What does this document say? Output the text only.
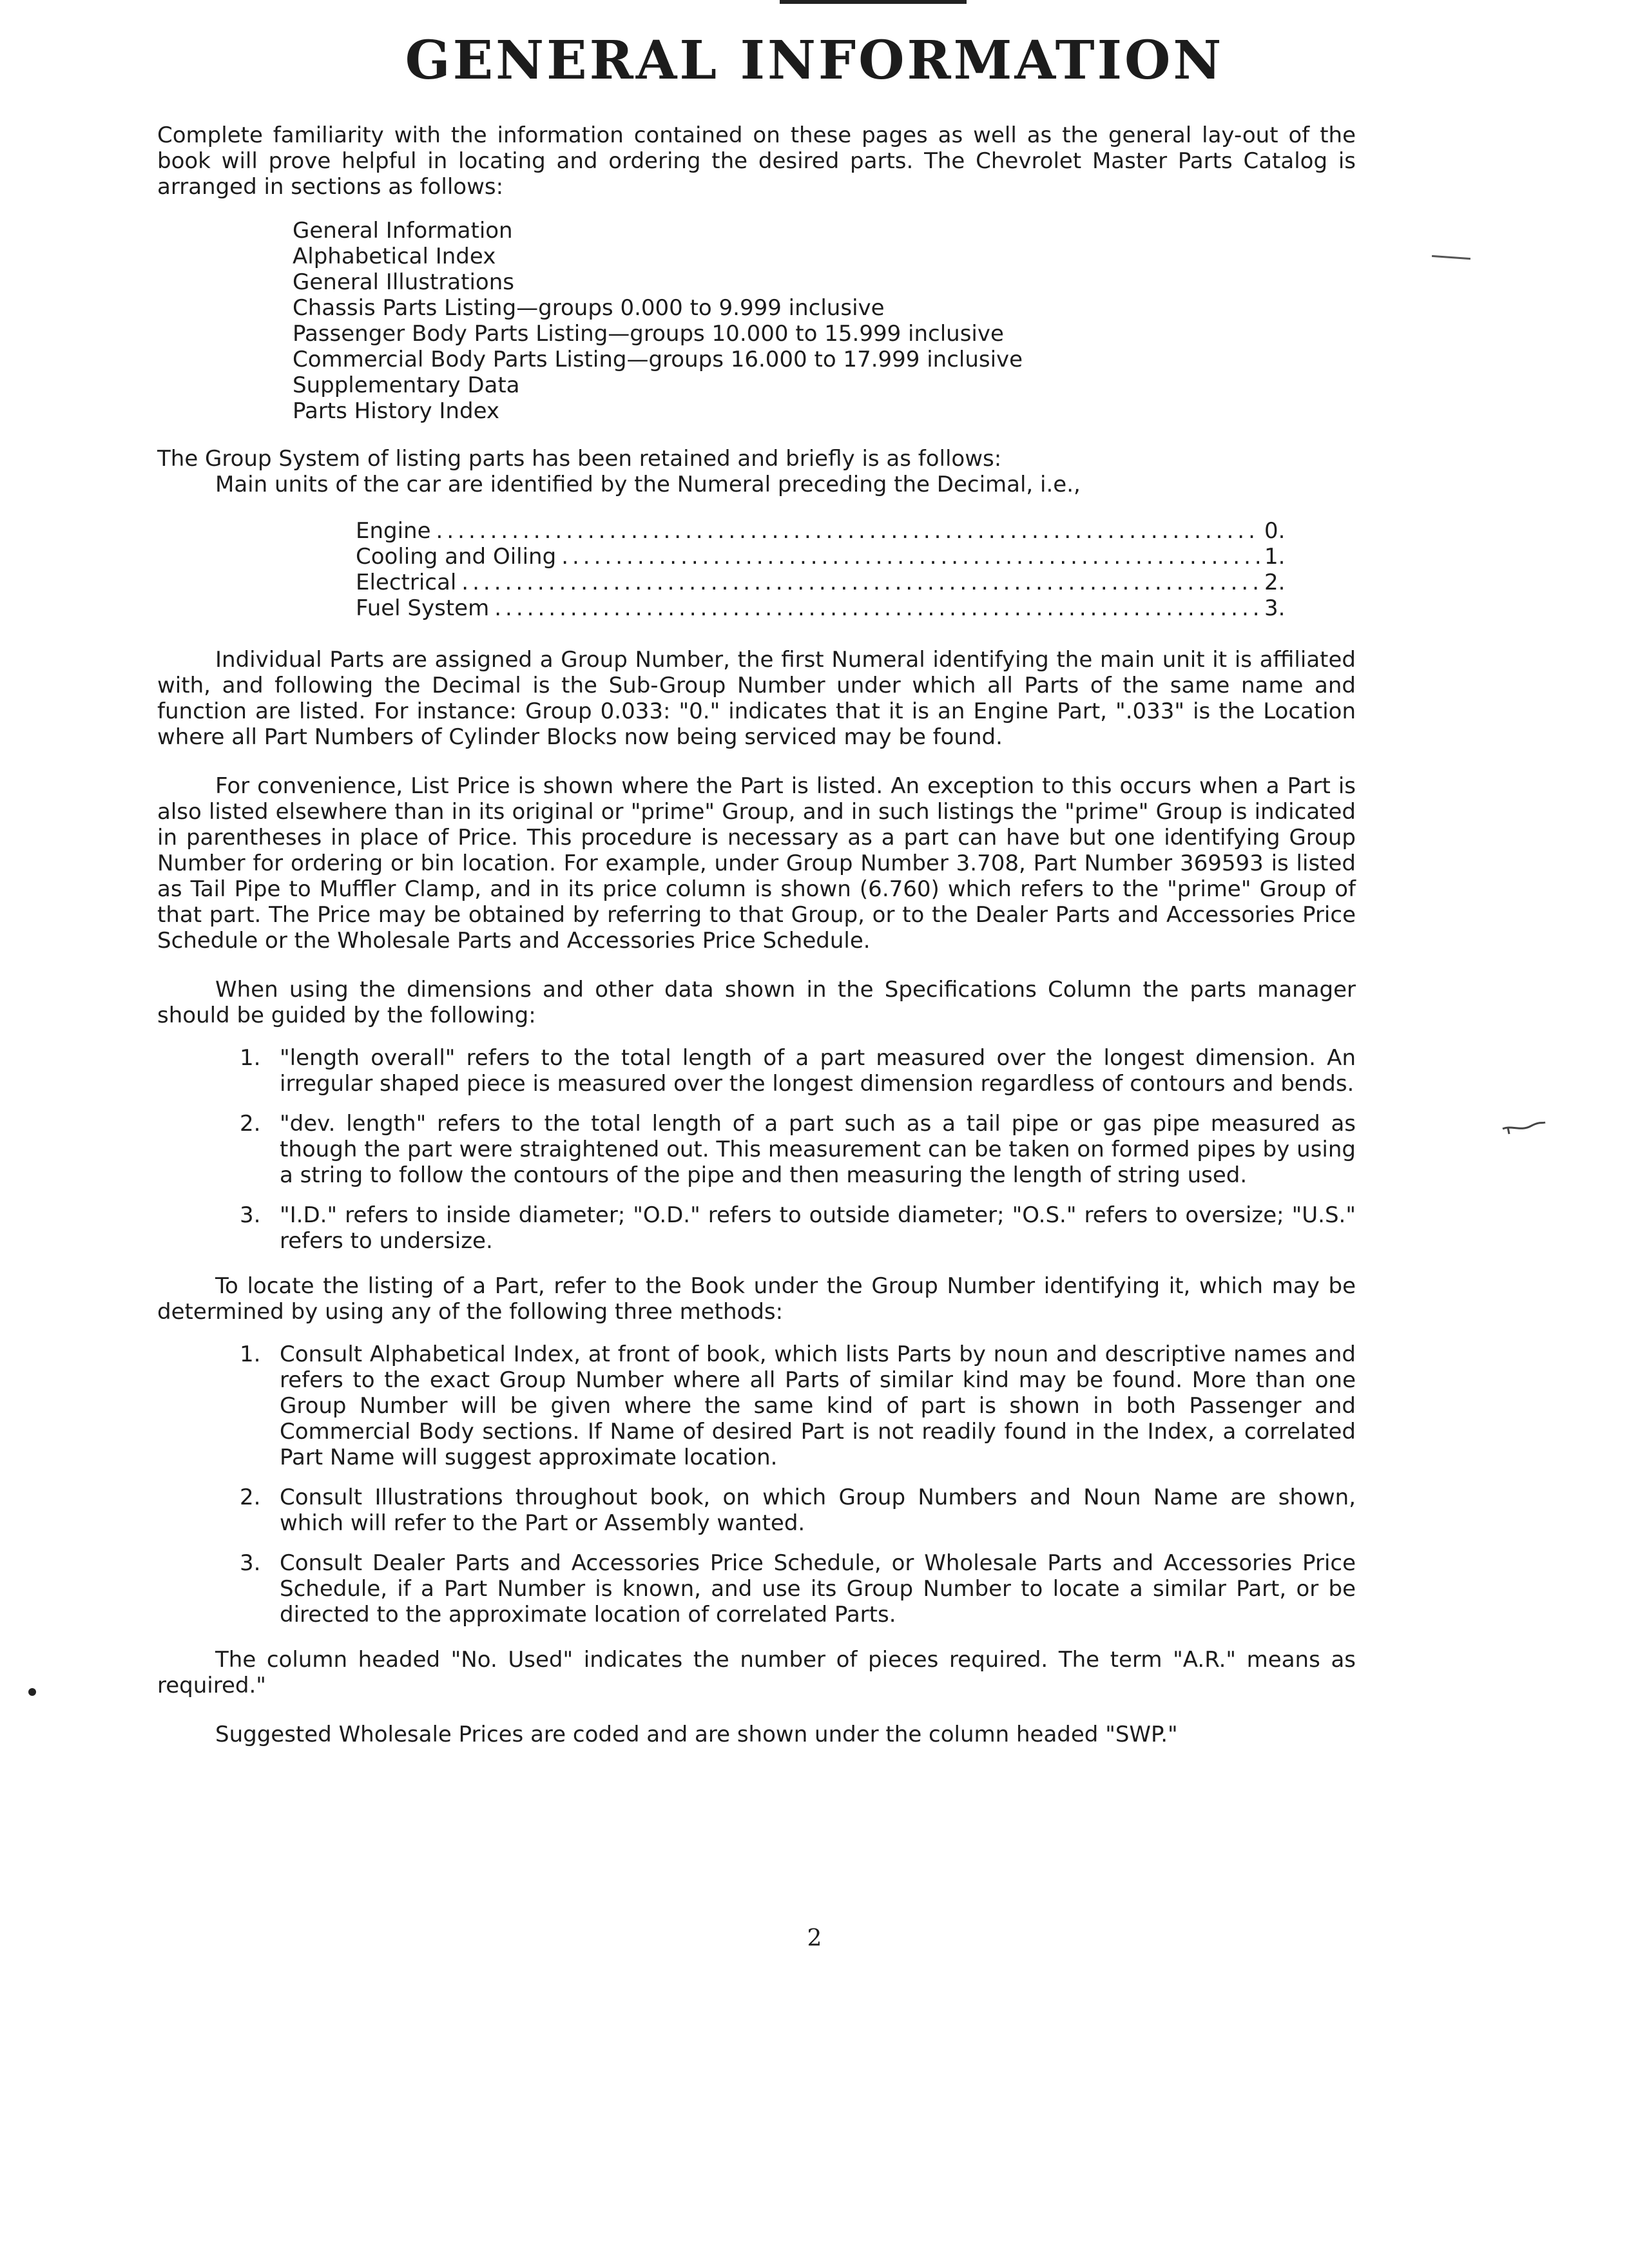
GENERAL INFORMATION

Complete familiarity with the information contained on these pages as well as the general lay-out of the book will prove helpful in locating and ordering the desired parts. The Chevrolet Master Parts Catalog is arranged in sections as follows:

General Information
Alphabetical Index
General Illustrations
Chassis Parts Listing—groups 0.000 to 9.999 inclusive
Passenger Body Parts Listing—groups 10.000 to 15.999 inclusive
Commercial Body Parts Listing—groups 16.000 to 17.999 inclusive
Supplementary Data
Parts History Index

The Group System of listing parts has been retained and briefly is as follows:

Main units of the car are identified by the Numeral preceding the Decimal, i.e.,

Engine .....	0.
Cooling and Oiling .....	1.
Electrical .....	2.
Fuel System .....	3.

Individual Parts are assigned a Group Number, the first Numeral identifying the main unit it is affiliated with, and following the Decimal is the Sub-Group Number under which all Parts of the same name and function are listed. For instance: Group 0.033: "0." indicates that it is an Engine Part, ".033" is the Location where all Part Numbers of Cylinder Blocks now being serviced may be found.

For convenience, List Price is shown where the Part is listed. An exception to this occurs when a Part is also listed elsewhere than in its original or "prime" Group, and in such listings the "prime" Group is indicated in parentheses in place of Price. This procedure is necessary as a part can have but one identifying Group Number for ordering or bin location. For example, under Group Number 3.708, Part Number 369593 is listed as Tail Pipe to Muffler Clamp, and in its price column is shown (6.760) which refers to the "prime" Group of that part. The Price may be obtained by referring to that Group, or to the Dealer Parts and Accessories Price Schedule or the Wholesale Parts and Accessories Price Schedule.

When using the dimensions and other data shown in the Specifications Column the parts manager should be guided by the following:

1. "length overall" refers to the total length of a part measured over the longest dimension. An irregular shaped piece is measured over the longest dimension regardless of contours and bends.
2. "dev. length" refers to the total length of a part such as a tail pipe or gas pipe measured as though the part were straightened out. This measurement can be taken on formed pipes by using a string to follow the contours of the pipe and then measuring the length of string used.
3. "I.D." refers to inside diameter; "O.D." refers to outside diameter; "O.S." refers to oversize; "U.S." refers to undersize.

To locate the listing of a Part, refer to the Book under the Group Number identifying it, which may be determined by using any of the following three methods:

1. Consult Alphabetical Index, at front of book, which lists Parts by noun and descriptive names and refers to the exact Group Number where all Parts of similar kind may be found. More than one Group Number will be given where the same kind of part is shown in both Passenger and Commercial Body sections. If Name of desired Part is not readily found in the Index, a correlated Part Name will suggest approximate location.
2. Consult Illustrations throughout book, on which Group Numbers and Noun Name are shown, which will refer to the Part or Assembly wanted.
3. Consult Dealer Parts and Accessories Price Schedule, or Wholesale Parts and Accessories Price Schedule, if a Part Number is known, and use its Group Number to locate a similar Part, or be directed to the approximate location of correlated Parts.

The column headed "No. Used" indicates the number of pieces required. The term "A.R." means as required."

Suggested Wholesale Prices are coded and are shown under the column headed "SWP."

2
